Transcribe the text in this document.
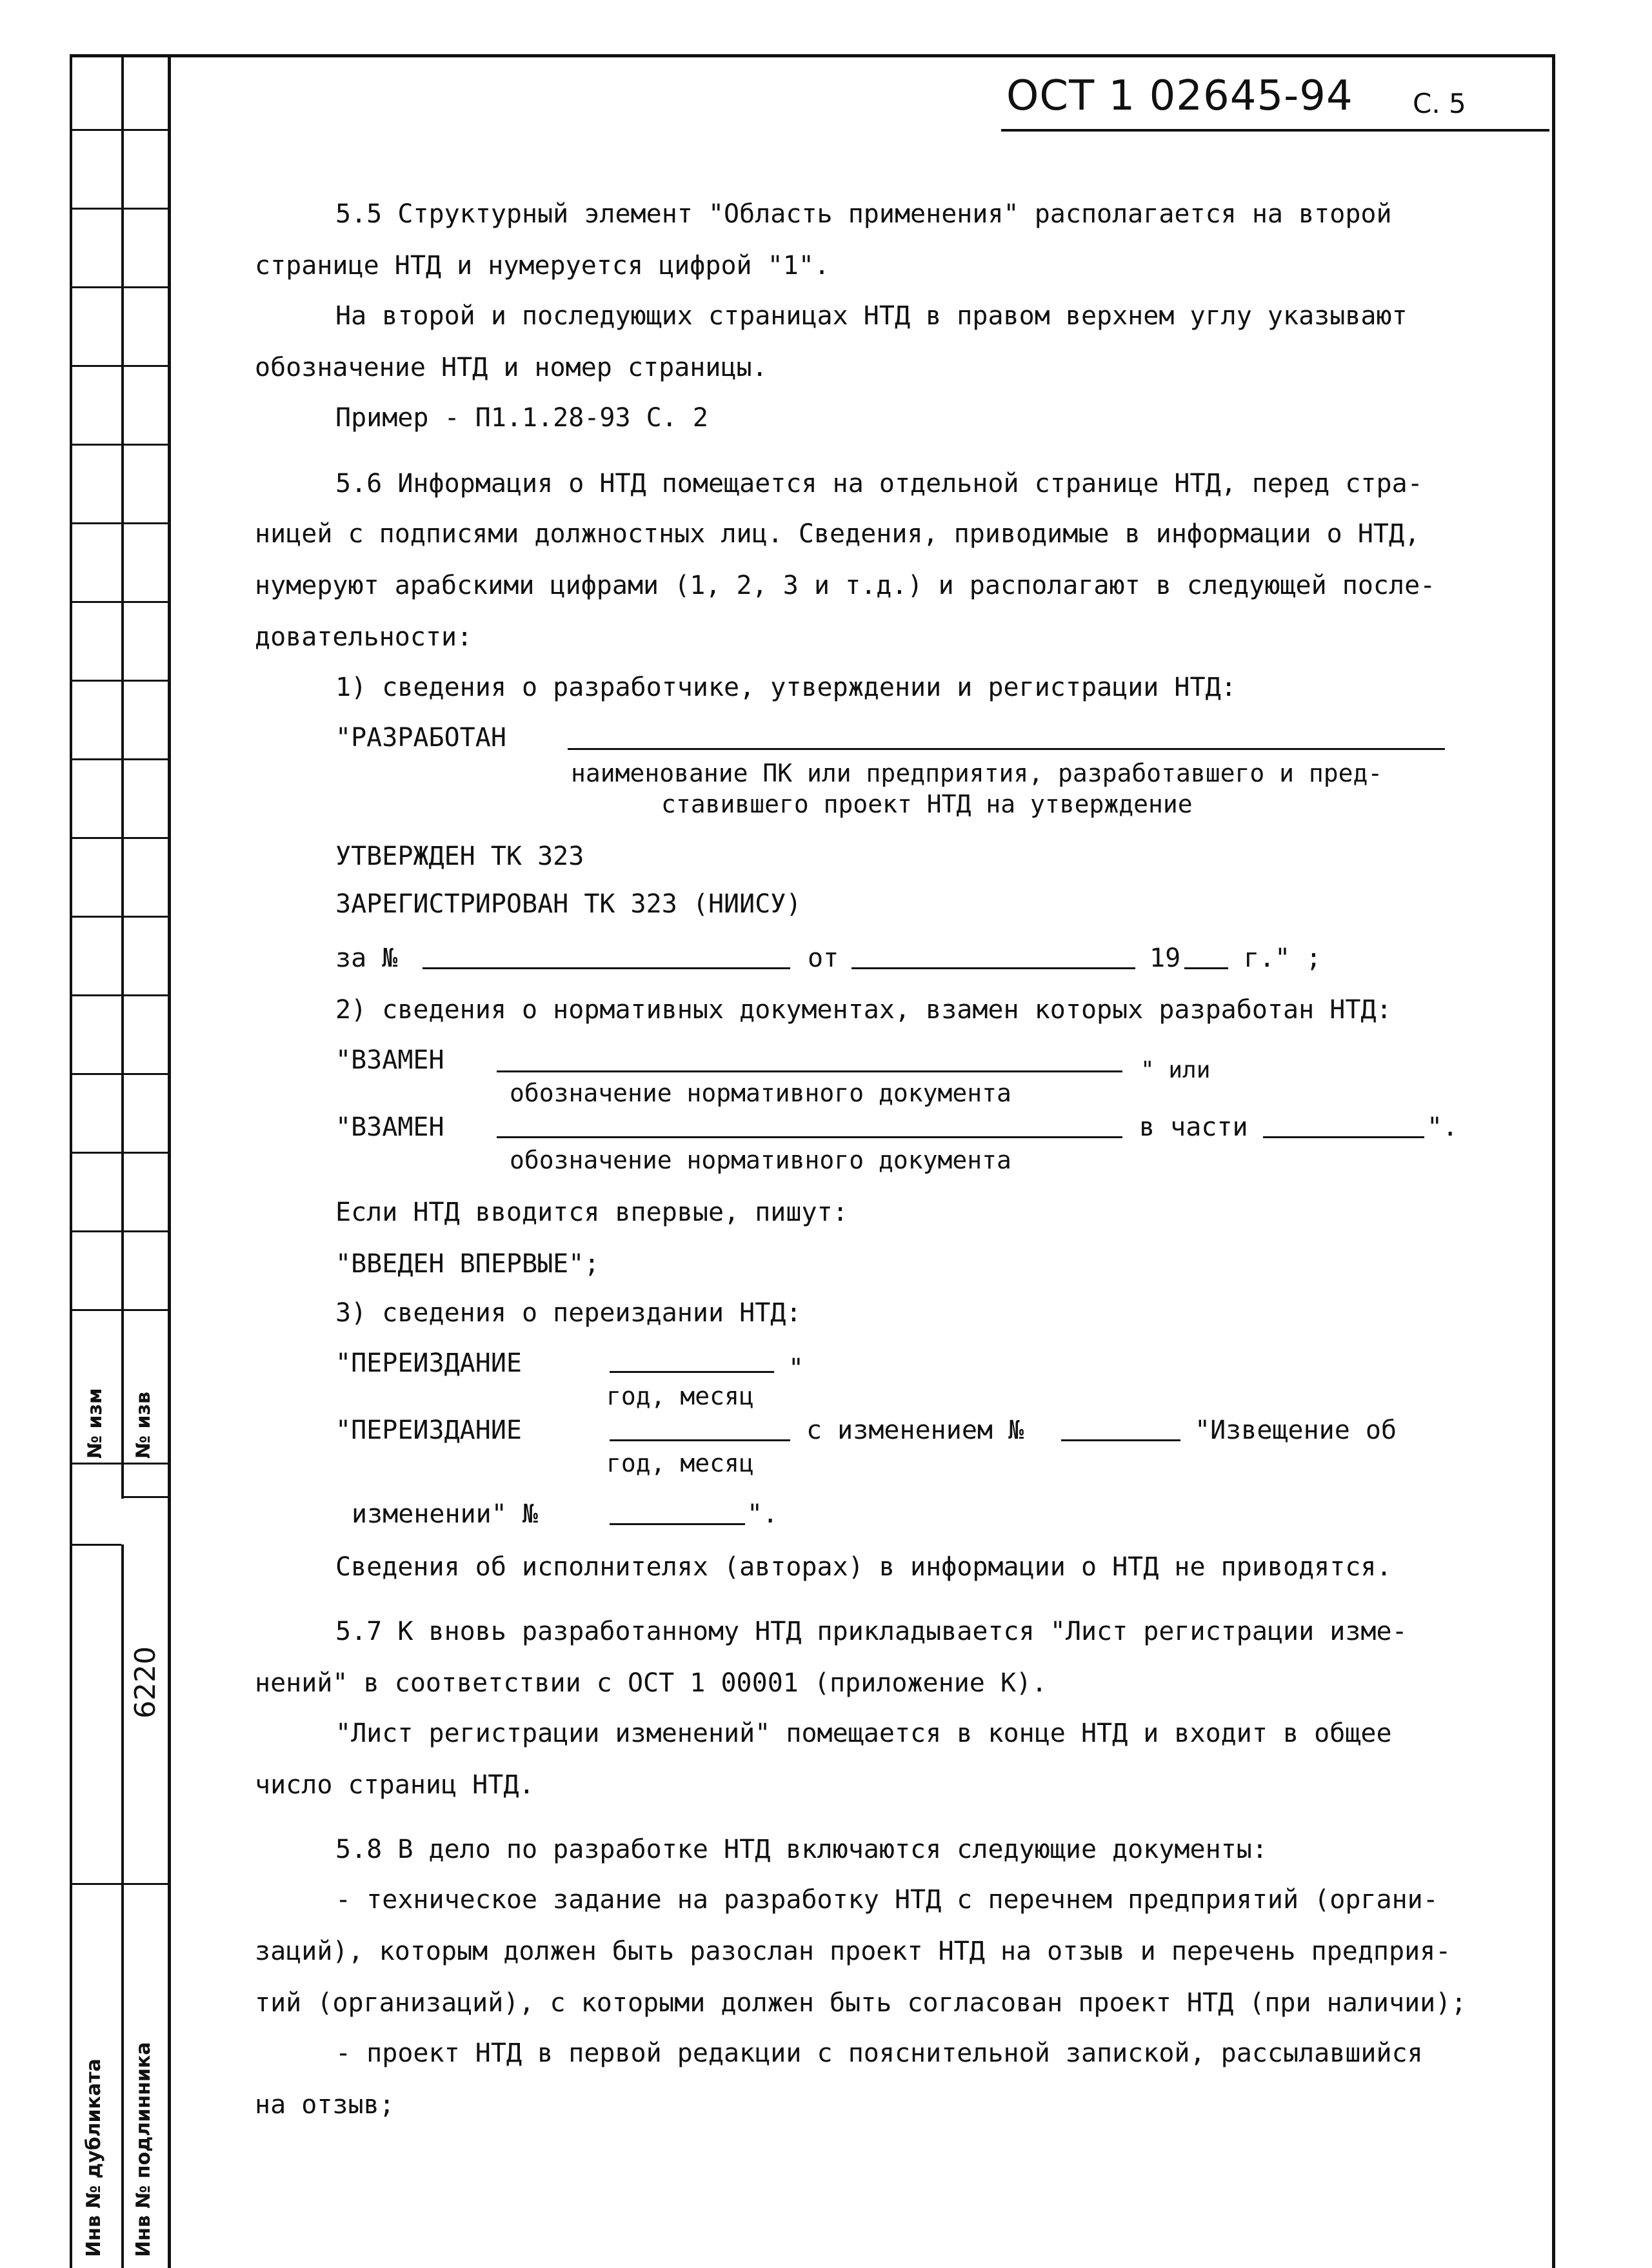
№ изм № изв
6220
Инв № дубликата Инв № подлинника
ОСТ 1 02645-94 С. 5
5.5 Структурный элемент "Область применения" располагается на второй
странице НТД и нумеруется цифрой "1".
На второй и последующих страницах НТД в правом верхнем углу указывают
обозначение НТД и номер страницы.
Пример - П1.1.28-93 С. 2
5.6 Информация о НТД помещается на отдельной странице НТД, перед стра-
ницей с подписями должностных лиц. Сведения, приводимые в информации о НТД,
нумеруют арабскими цифрами (1, 2, 3 и т.д.) и располагают в следующей после-
довательности:
1) сведения о разработчике, утверждении и регистрации НТД:
"РАЗРАБОТАН
наименование ПК или предприятия, разработавшего и пред-
ставившего проект НТД на утверждение
УТВЕРЖДЕН ТК 323
ЗАРЕГИСТРИРОВАН ТК 323 (НИИСУ)
за №	от	19 г." ;
2) сведения о нормативных документах, взамен которых разработан НТД:
"ВЗАМЕН	" или
обозначение нормативного документа
"ВЗАМЕН	в части	".
обозначение нормативного документа
Если НТД вводится впервые, пишут:
"ВВЕДЕН ВПЕРВЫЕ";
3) сведения о переиздании НТД:
"ПЕРЕИЗДАНИЕ	"
год, месяц
"ПЕРЕИЗДАНИЕ	с изменением №	"Извещение об
год, месяц
изменении" №	".
Сведения об исполнителях (авторах) в информации о НТД не приводятся.
5.7 К вновь разработанному НТД прикладывается "Лист регистрации изме-
нений" в соответствии с ОСТ 1 00001 (приложение К).
"Лист регистрации изменений" помещается в конце НТД и входит в общее
число страниц НТД.
5.8 В дело по разработке НТД включаются следующие документы:
- техническое задание на разработку НТД с перечнем предприятий (органи-
заций), которым должен быть разослан проект НТД на отзыв и перечень предприя-
тий (организаций), с которыми должен быть согласован проект НТД (при наличии);
- проект НТД в первой редакции с пояснительной запиской, рассылавшийся
на отзыв;
